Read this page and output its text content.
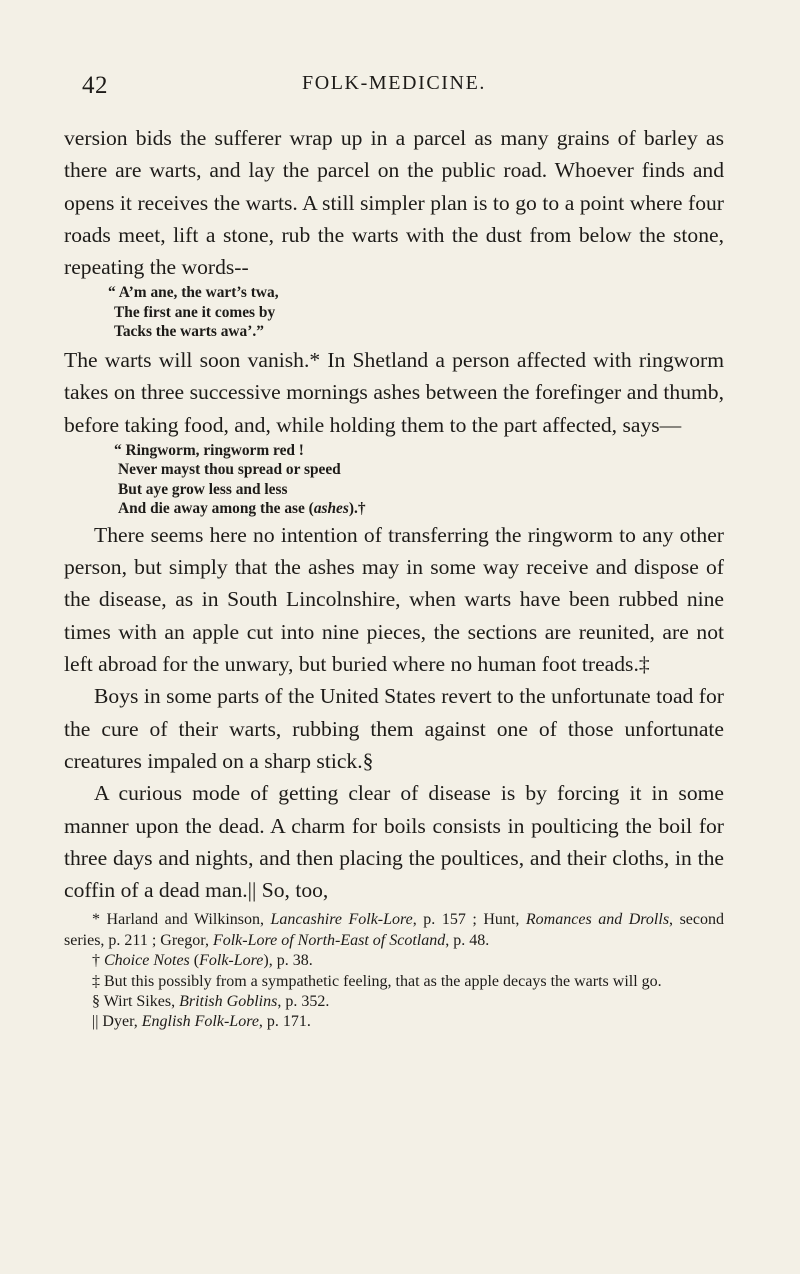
42	FOLK-MEDICINE.

version bids the sufferer wrap up in a parcel as many grains of barley as there are warts, and lay the parcel on the public road. Whoever finds and opens it receives the warts. A still simpler plan is to go to a point where four roads meet, lift a stone, rub the warts with the dust from below the stone, repeating the words--

“ A’m ane, the wart’s twa,
The first ane it comes by
Tacks the warts awa’.”

The warts will soon vanish.* In Shetland a person affected with ringworm takes on three successive mornings ashes between the forefinger and thumb, before taking food, and, while holding them to the part affected, says—

“ Ringworm, ringworm red !
Never mayst thou spread or speed
But aye grow less and less
And die away among the ase (ashes).†

There seems here no intention of transferring the ringworm to any other person, but simply that the ashes may in some way receive and dispose of the disease, as in South Lincolnshire, when warts have been rubbed nine times with an apple cut into nine pieces, the sections are reunited, are not left abroad for the unwary, but buried where no human foot treads.‡

Boys in some parts of the United States revert to the unfortunate toad for the cure of their warts, rubbing them against one of those unfortunate creatures impaled on a sharp stick.§

A curious mode of getting clear of disease is by forcing it in some manner upon the dead. A charm for boils consists in poulticing the boil for three days and nights, and then placing the poultices, and their cloths, in the coffin of a dead man.|| So, too,

* Harland and Wilkinson, Lancashire Folk-Lore, p. 157 ; Hunt, Romances and Drolls, second series, p. 211 ; Gregor, Folk-Lore of North-East of Scotland, p. 48.

† Choice Notes (Folk-Lore), p. 38.

‡ But this possibly from a sympathetic feeling, that as the apple decays the warts will go.

§ Wirt Sikes, British Goblins, p. 352.

|| Dyer, English Folk-Lore, p. 171.
